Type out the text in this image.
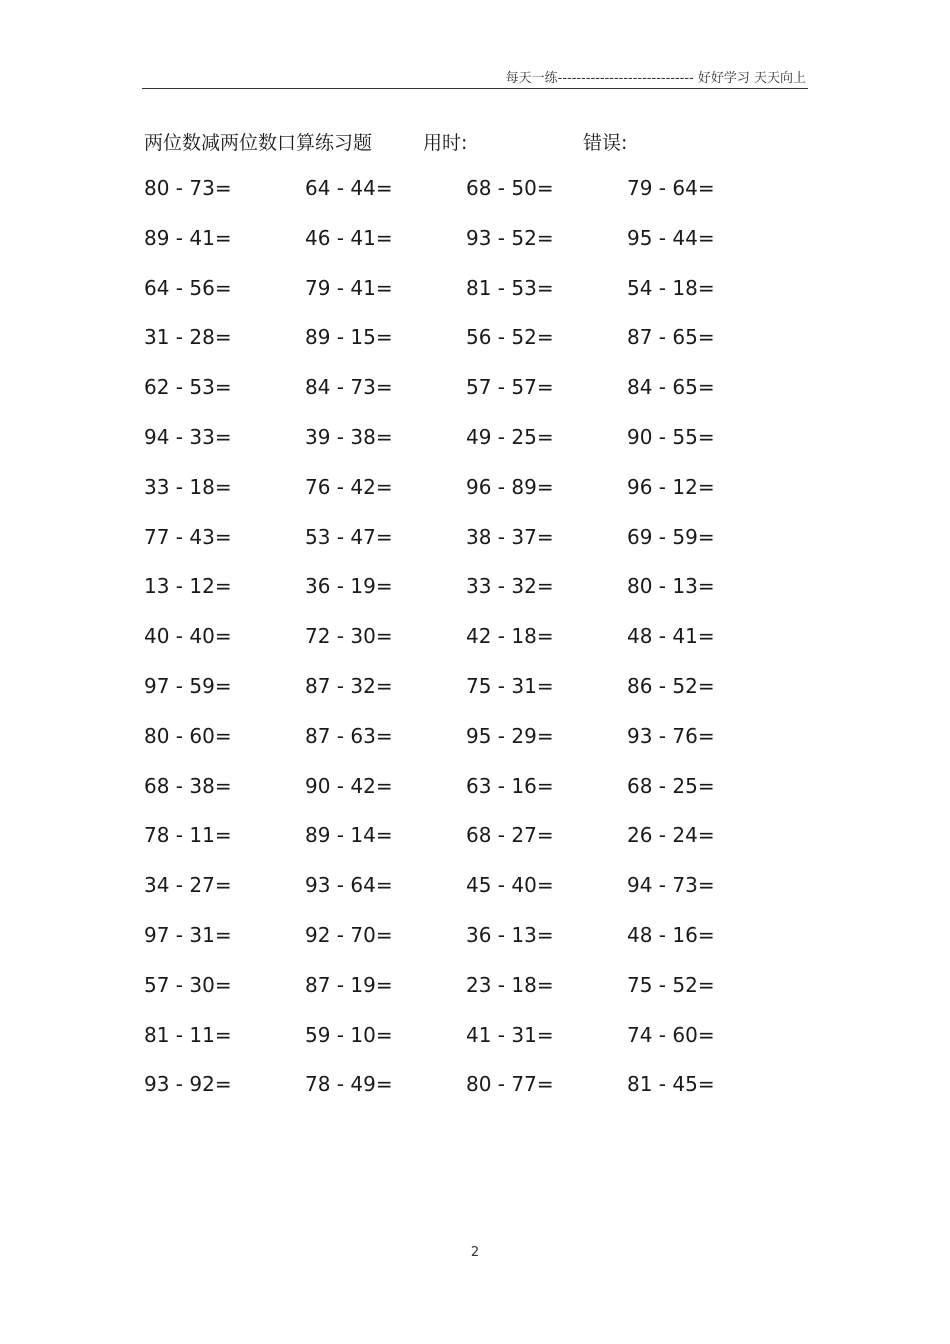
每天一练----------------------------- 好好学习 天天向上
两位数减两位数口算练习题	用时:	错误:
80 - 73=	64 - 44=	68 - 50=	79 - 64=
89 - 41=	46 - 41=	93 - 52=	95 - 44=
64 - 56=	79 - 41=	81 - 53=	54 - 18=
31 - 28=	89 - 15=	56 - 52=	87 - 65=
62 - 53=	84 - 73=	57 - 57=	84 - 65=
94 - 33=	39 - 38=	49 - 25=	90 - 55=
33 - 18=	76 - 42=	96 - 89=	96 - 12=
77 - 43=	53 - 47=	38 - 37=	69 - 59=
13 - 12=	36 - 19=	33 - 32=	80 - 13=
40 - 40=	72 - 30=	42 - 18=	48 - 41=
97 - 59=	87 - 32=	75 - 31=	86 - 52=
80 - 60=	87 - 63=	95 - 29=	93 - 76=
68 - 38=	90 - 42=	63 - 16=	68 - 25=
78 - 11=	89 - 14=	68 - 27=	26 - 24=
34 - 27=	93 - 64=	45 - 40=	94 - 73=
97 - 31=	92 - 70=	36 - 13=	48 - 16=
57 - 30=	87 - 19=	23 - 18=	75 - 52=
81 - 11=	59 - 10=	41 - 31=	74 - 60=
93 - 92=	78 - 49=	80 - 77=	81 - 45=
2
